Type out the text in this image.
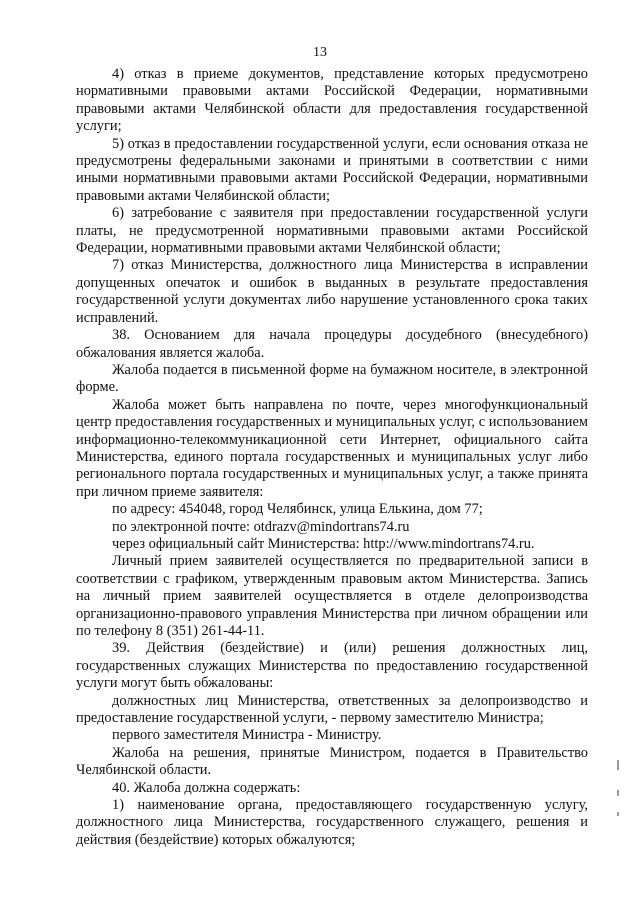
13

4) отказ в приеме документов, представление которых предусмотрено нормативными правовыми актами Российской Федерации, нормативными правовыми актами Челябинской области для предоставления государственной услуги;

5) отказ в предоставлении государственной услуги, если основания отказа не предусмотрены федеральными законами и принятыми в соответствии с ними иными нормативными правовыми актами Российской Федерации, нормативными правовыми актами Челябинской области;

6) затребование с заявителя при предоставлении государственной услуги платы, не предусмотренной нормативными правовыми актами Российской Федерации, нормативными правовыми актами Челябинской области;

7) отказ Министерства, должностного лица Министерства в исправлении допущенных опечаток и ошибок в выданных в результате предоставления государственной услуги документах либо нарушение установленного срока таких исправлений.

38. Основанием для начала процедуры досудебного (внесудебного) обжалования является жалоба.

Жалоба подается в письменной форме на бумажном носителе, в электронной форме.

Жалоба может быть направлена по почте, через многофункциональный центр предоставления государственных и муниципальных услуг, с использованием информационно-телекоммуникационной сети Интернет, официального сайта Министерства, единого портала государственных и муниципальных услуг либо регионального портала государственных и муниципальных услуг, а также принята при личном приеме заявителя:

по адресу: 454048, город Челябинск, улица Елькина, дом 77;

по электронной почте: otdrazv@mindortrans74.ru

через официальный сайт Министерства: http://www.mindortrans74.ru.

Личный прием заявителей осуществляется по предварительной записи в соответствии с графиком, утвержденным правовым актом Министерства. Запись на личный прием заявителей осуществляется в отделе делопроизводства организационно-правового управления Министерства при личном обращении или по телефону 8 (351) 261-44-11.

39. Действия (бездействие) и (или) решения должностных лиц, государственных служащих Министерства по предоставлению государственной услуги могут быть обжалованы:

должностных лиц Министерства, ответственных за делопроизводство и предоставление государственной услуги, - первому заместителю Министра;

первого заместителя Министра - Министру.

Жалоба на решения, принятые Министром, подается в Правительство Челябинской области.

40. Жалоба должна содержать:

1) наименование органа, предоставляющего государственную услугу, должностного лица Министерства, государственного служащего, решения и действия (бездействие) которых обжалуются;
